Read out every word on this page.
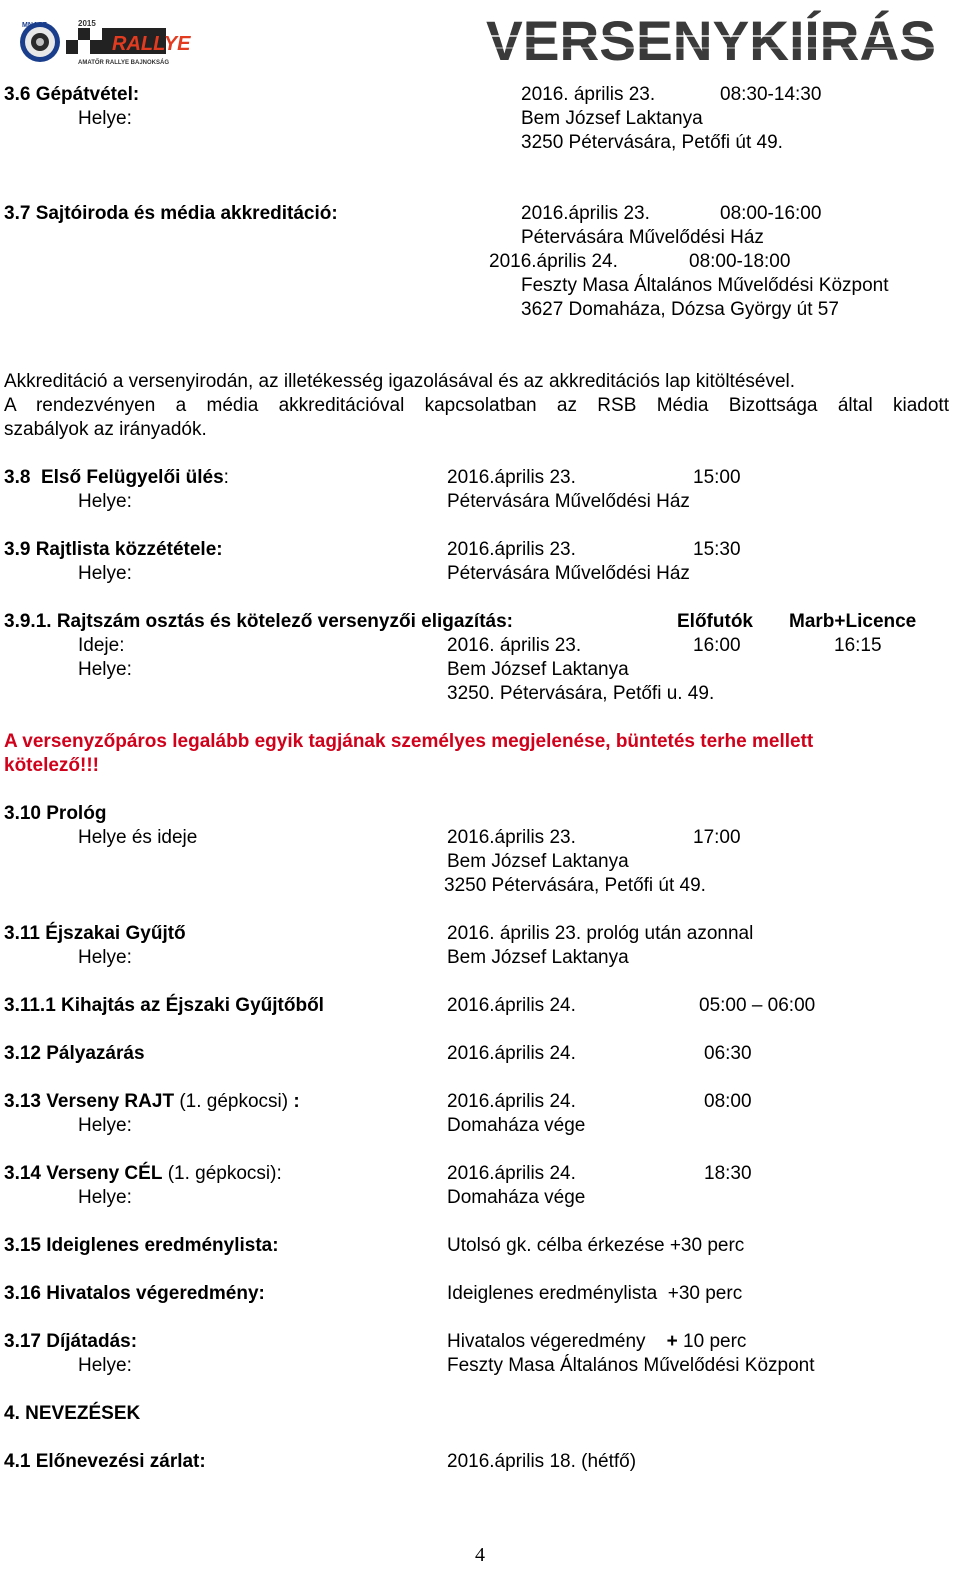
RALLYE
MNASZ	2015
AMATŐR RALLYE BAJNOKSÁG	VERSENYKIÍRÁS
3.6 Gépátvétel:	2016. április 23.	08:30-14:30
Helye:	Bem József Laktanya
3250 Pétervására, Petőfi út 49.
3.7 Sajtóiroda és média akkreditáció:	2016.április 23.	08:00-16:00
Pétervására Művelődési Ház
2016.április 24.	08:00-18:00
Feszty Masa Általános Művelődési Központ
3627 Domaháza, Dózsa György út 57
Akkreditáció a versenyirodán, az illetékesség igazolásával és az akkreditációs lap kitöltésével.
A rendezvényen a média akkreditációval kapcsolatban az RSB Média Bizottsága által kiadott
szabályok az irányadók.
3.8 Első Felügyelői ülés:	2016.április 23.	15:00
Helye:	Pétervására Művelődési Ház
3.9 Rajtlista közzététele:	2016.április 23.	15:30
Helye:	Pétervására Művelődési Ház
3.9.1. Rajtszám osztás és kötelező versenyzői eligazítás:	Előfutók Marb+Licence
Ideje:	2016. április 23.	16:00	16:15
Helye:	Bem József Laktanya
3250. Pétervására, Petőfi u. 49.
A versenyzőpáros legalább egyik tagjának személyes megjelenése, büntetés terhe mellett
kötelező!!!
3.10 Prológ
Helye és ideje	2016.április 23.	17:00
Bem József Laktanya
3250 Pétervására, Petőfi út 49.
3.11 Éjszakai Gyűjtő	2016. április 23. prológ után azonnal
Helye:	Bem József Laktanya
3.11.1 Kihajtás az Éjszaki Gyűjtőből	2016.április 24.	05:00 – 06:00
3.12 Pályazárás	2016.április 24.	06:30
3.13 Verseny RAJT (1. gépkocsi) :	2016.április 24.	08:00
Helye:	Domaháza vége
3.14 Verseny CÉL (1. gépkocsi):	2016.április 24.	18:30
Helye:	Domaháza vége
3.15 Ideiglenes eredménylista:	Utolsó gk. célba érkezése +30 perc
3.16 Hivatalos végeredmény:	Ideiglenes eredménylista  +30 perc
3.17 Díjátadás:	Hivatalos végeredmény    + 10 perc
Helye:	Feszty Masa Általános Művelődési Központ
4. NEVEZÉSEK
4.1 Előnevezési zárlat:	2016.április 18. (hétfő)
4
